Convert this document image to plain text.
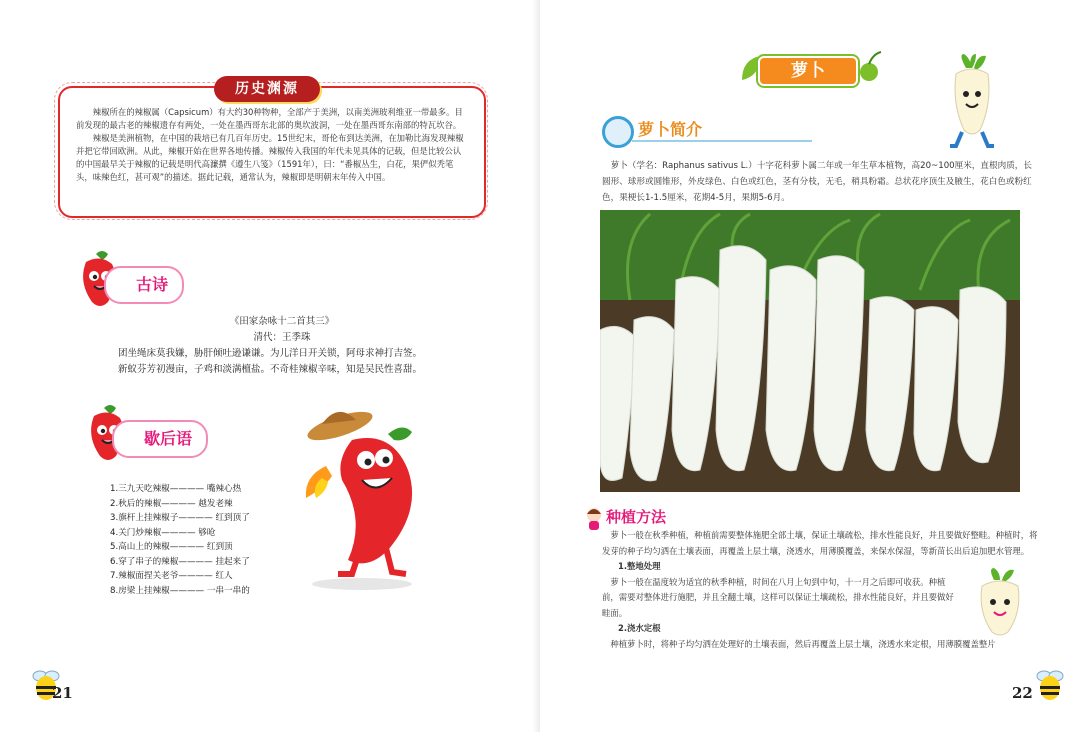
历史渊源

辣椒所在的辣椒属（Capsicum）有大约30种物种，全部产于美洲，以南美洲玻利维亚一带最多。目前发现的最古老的辣椒遗存有两处，一处在墨西哥东北部的奥坎波洞，一处在墨西哥东南部的特瓦坎谷。

辣椒是美洲植物，在中国的栽培已有几百年历史。15世纪末，哥伦布到达美洲，在加勒比海发现辣椒并把它带回欧洲。从此，辣椒开始在世界各地传播。辣椒传入我国的年代未见具体的记载，但是比较公认的中国最早关于辣椒的记载是明代高濂撰《遵生八笺》（1591年），曰：“番椒丛生，白花，果俨似秃笔头，味辣色红，甚可观”的描述。据此记载，通常认为，辣椒即是明朝末年传入中国。

古诗
《田家杂咏十二首其三》
清代：王季珠
团坐绳床莫我嫌，胁肝倾吐逊谦谦。为儿洋日开关锁，阿母求神打吉签。
新蚁芬芳初漫亩，子鸡和淡满檀盐。不奇桂辣椒辛味，知是吴民性喜甜。
歇后语
1.三九天吃辣椒———— 嘴辣心热
2.秋后的辣椒———— 越发老辣
3.旗杆上挂辣椒子———— 红到顶了
4.关门炒辣椒———— 够呛
5.高山上的辣椒———— 红到顶
6.穿了串子的辣椒———— 挂起来了
7.辣椒面捏关老爷———— 红人
8.房梁上挂辣椒———— 一串一串的
21
萝卜
萝卜简介
萝卜（学名：Raphanus sativus L.）十字花科萝卜属二年或一年生草本植物，高20~100厘米，直根肉质，长圆形、球形或圆锥形，外皮绿色、白色或红色，茎有分枝，无毛，稍具粉霜。总状花序顶生及腋生，花白色或粉红色，果梗长1-1.5厘米，花期4-5月，果期5-6月。
种植方法

萝卜一般在秋季种植，种植前需要整体施肥全部土壤，保证土壤疏松，排水性能良好，并且要做好整畦。种植时，将发芽的种子均匀洒在土壤表面，再覆盖上层土壤，浇透水，用薄膜覆盖，来保水保湿，等新苗长出后追加肥水管理。

1.整地处理

萝卜一般在温度较为适宜的秋季种植，时间在八月上旬到中旬，十一月之后即可收获。种植前，需要对整体进行施肥，并且全翻土壤，这样可以保证土壤疏松，排水性能良好，并且要做好畦面。

2.浇水定根

种植萝卜时，将种子均匀洒在处理好的土壤表面，然后再覆盖上层土壤，浇透水来定根，用薄膜覆盖整片

22
